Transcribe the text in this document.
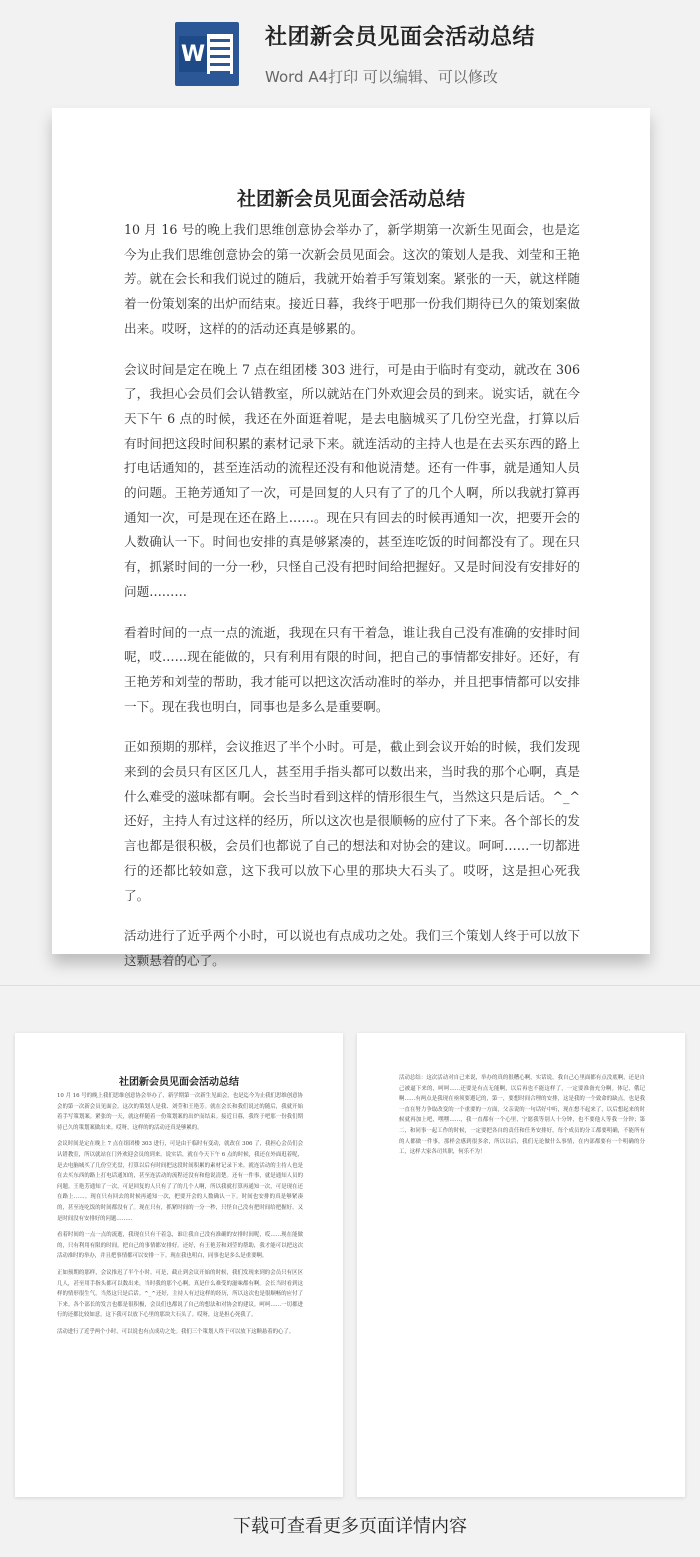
W
社团新会员见面会活动总结
Word A4打印 可以编辑、可以修改
社团新会员见面会活动总结

10 月 16 号的晚上我们思维创意协会举办了，新学期第一次新生见面会，也是迄今为止我们思维创意协会的第一次新会员见面会。这次的策划人是我、刘莹和王艳芳。就在会长和我们说过的随后，我就开始着手写策划案。紧张的一天，就这样随着一份策划案的出炉而结束。接近日暮，我终于吧那一份我们期待已久的策划案做出来。哎呀，这样的的活动还真是够累的。

会议时间是定在晚上 7 点在组团楼 303 进行，可是由于临时有变动，就改在 306 了，我担心会员们会认错教室，所以就站在门外欢迎会员的到来。说实话，就在今天下午 6 点的时候，我还在外面逛着呢，是去电脑城买了几份空光盘，打算以后有时间把这段时间积累的素材记录下来。就连活动的主持人也是在去买东西的路上打电话通知的，甚至连活动的流程还没有和他说清楚。还有一件事，就是通知人员的问题。王艳芳通知了一次，可是回复的人只有了了的几个人啊，所以我就打算再通知一次，可是现在还在路上……。现在只有回去的时候再通知一次，把要开会的人数确认一下。时间也安排的真是够紧凑的，甚至连吃饭的时间都没有了。现在只有，抓紧时间的一分一秒，只怪自己没有把时间给把握好。又是时间没有安排好的问题………

看着时间的一点一点的流逝，我现在只有干着急，谁让我自己没有准确的安排时间呢，哎……现在能做的，只有利用有限的时间，把自己的事情都安排好。还好，有王艳芳和刘莹的帮助，我才能可以把这次活动准时的举办，并且把事情都可以安排一下。现在我也明白，同事也是多么是重要啊。

正如预期的那样，会议推迟了半个小时。可是，截止到会议开始的时候，我们发现来到的会员只有区区几人，甚至用手指头都可以数出来，当时我的那个心啊，真是什么难受的滋味都有啊。会长当时看到这样的情形很生气，当然这只是后话。^_^还好，主持人有过这样的经历，所以这次也是很顺畅的应付了下来。各个部长的发言也都是很积极，会员们也都说了自己的想法和对协会的建议。呵呵……一切都进行的还都比较如意，这下我可以放下心里的那块大石头了。哎呀，这是担心死我了。

活动进行了近乎两个小时，可以说也有点成功之处。我们三个策划人终于可以放下这颗悬着的心了。

社团新会员见面会活动总结

10 月 16 号的晚上我们思维创意协会举办了，新学期第一次新生见面会，也是迄今为止我们思维创意协会的第一次新会员见面会。这次的策划人是我、刘莹和王艳芳。就在会长和我们说过的随后，我就开始着手写策划案。紧张的一天，就这样随着一份策划案的出炉而结束。接近日暮，我终于吧那一份我们期待已久的策划案做出来。哎呀，这样的的活动还真是够累的。

会议时间是定在晚上 7 点在组团楼 303 进行，可是由于临时有变动，就改在 306 了，我担心会员们会认错教室，所以就站在门外欢迎会员的到来。说实话，就在今天下午 6 点的时候，我还在外面逛着呢，是去电脑城买了几份空光盘，打算以后有时间把这段时间积累的素材记录下来。就连活动的主持人也是在去买东西的路上打电话通知的，甚至连活动的流程还没有和他说清楚。还有一件事，就是通知人员的问题。王艳芳通知了一次，可是回复的人只有了了的几个人啊，所以我就打算再通知一次，可是现在还在路上……。现在只有回去的时候再通知一次，把要开会的人数确认一下。时间也安排的真是够紧凑的，甚至连吃饭的时间都没有了。现在只有，抓紧时间的一分一秒，只怪自己没有把时间给把握好。又是时间没有安排好的问题………

看着时间的一点一点的流逝，我现在只有干着急，谁让我自己没有准确的安排时间呢，哎……现在能做的，只有利用有限的时间，把自己的事情都安排好。还好，有王艳芳和刘莹的帮助，我才能可以把这次活动准时的举办，并且把事情都可以安排一下。现在我也明白，同事也是多么是重要啊。

正如预期的那样，会议推迟了半个小时。可是，截止到会议开始的时候，我们发现来到的会员只有区区几人，甚至用手指头都可以数出来，当时我的那个心啊，真是什么难受的滋味都有啊。会长当时看到这样的情形很生气，当然这只是后话。^_^还好，主持人有过这样的经历，所以这次也是很顺畅的应付了下来。各个部长的发言也都是很积极，会员们也都说了自己的想法和对协会的建议。呵呵……一切都进行的还都比较如意，这下我可以放下心里的那块大石头了。哎呀，这是担心死我了。

活动进行了近乎两个小时，可以说也有点成功之处。我们三个策划人终于可以放下这颗悬着的心了。

活动总结：这次活动对自己来说，举办的真的很糟心啊，实话说，我自己心里面都有点没底啊，还是自己被逼下来的，呵呵……还要是有点无能啊，以后再也不能这样了，一定要准备充分啊。体记，俄记啊……有两点是我现在亟须要遵记的，第一，要想时间合理的安排，这是我的一个致命的缺点，也是我一直在努力争取改变的一个重要的一方面，父亲说的一句话好中听，现在想不起来了，以后想起来的时候就再加上吧，嘿嘿……，我一直都有一个心里，宁愿我等别人十分钟，也不要他人等我一分钟；第二，和同事一起工作的时候，一定要把各自的责任和任务安排好，每个成员的分工都要明确，不能所有的人都做一件事，那样会感到很多余，所以以后，我们无论做什么事情，在内部都要有一个明确的分工，这样大家各司其职，何乐不为！

下载可查看更多页面详情内容
